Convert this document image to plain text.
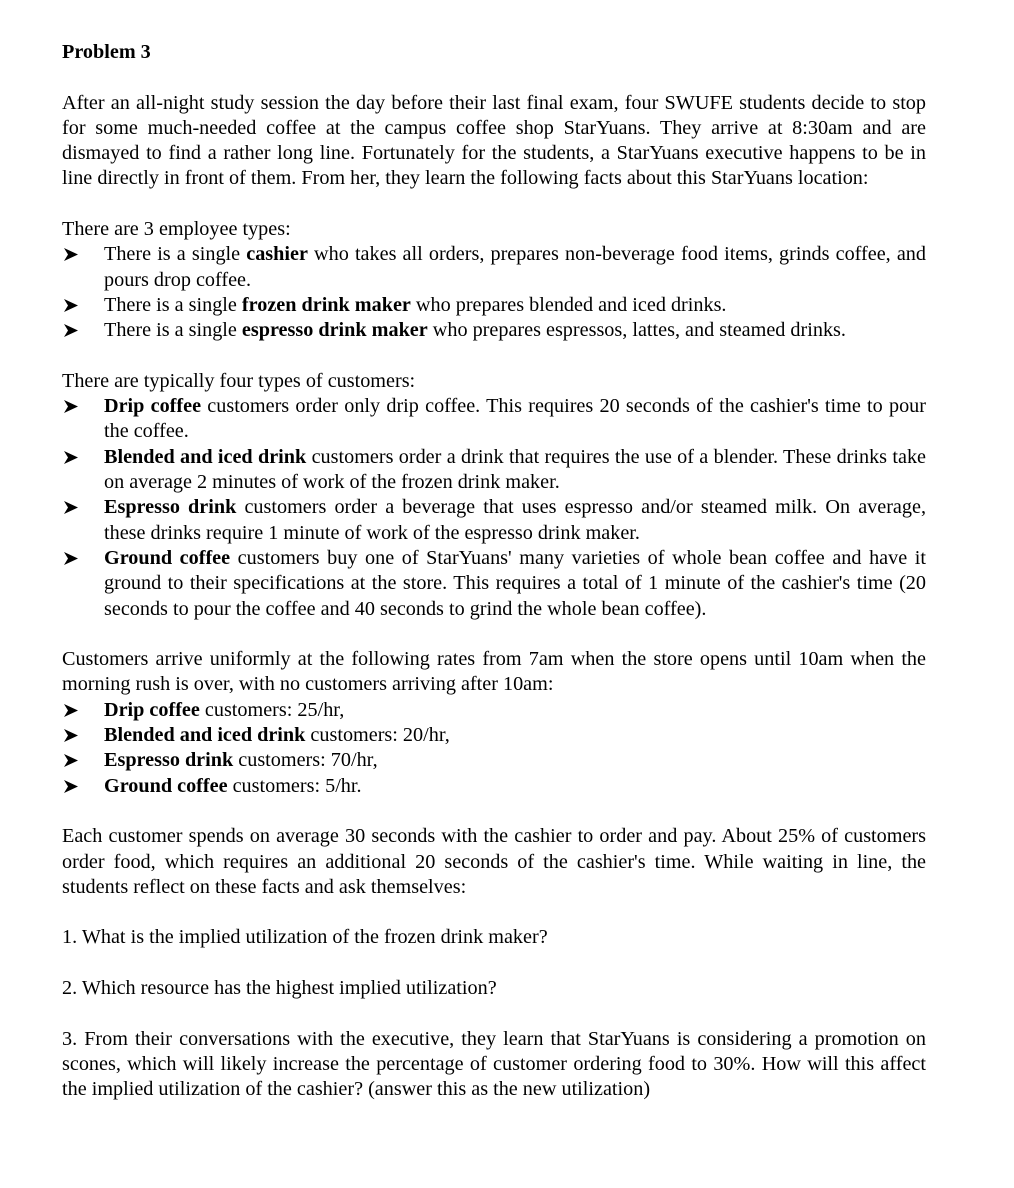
Problem 3

After an all-night study session the day before their last final exam, four SWUFE students decide to stop for some much-needed coffee at the campus coffee shop StarYuans. They arrive at 8:30am and are dismayed to find a rather long line. Fortunately for the students, a StarYuans executive happens to be in line directly in front of them. From her, they learn the following facts about this StarYuans location:

There are 3 employee types:

There is a single cashier who takes all orders, prepares non-beverage food items, grinds coffee, and pours drop coffee.
There is a single frozen drink maker who prepares blended and iced drinks.
There is a single espresso drink maker who prepares espressos, lattes, and steamed drinks.

There are typically four types of customers:

Drip coffee customers order only drip coffee. This requires 20 seconds of the cashier's time to pour the coffee.
Blended and iced drink customers order a drink that requires the use of a blender. These drinks take on average 2 minutes of work of the frozen drink maker.
Espresso drink customers order a beverage that uses espresso and/or steamed milk. On average, these drinks require 1 minute of work of the espresso drink maker.
Ground coffee customers buy one of StarYuans' many varieties of whole bean coffee and have it ground to their specifications at the store. This requires a total of 1 minute of the cashier's time (20 seconds to pour the coffee and 40 seconds to grind the whole bean coffee).

Customers arrive uniformly at the following rates from 7am when the store opens until 10am when the morning rush is over, with no customers arriving after 10am:

Drip coffee customers: 25/hr,
Blended and iced drink customers: 20/hr,
Espresso drink customers: 70/hr,
Ground coffee customers: 5/hr.

Each customer spends on average 30 seconds with the cashier to order and pay. About 25% of customers order food, which requires an additional 20 seconds of the cashier's time. While waiting in line, the students reflect on these facts and ask themselves:

1. What is the implied utilization of the frozen drink maker?

2. Which resource has the highest implied utilization?

3. From their conversations with the executive, they learn that StarYuans is considering a promotion on scones, which will likely increase the percentage of customer ordering food to 30%. How will this affect the implied utilization of the cashier? (answer this as the new utilization)
